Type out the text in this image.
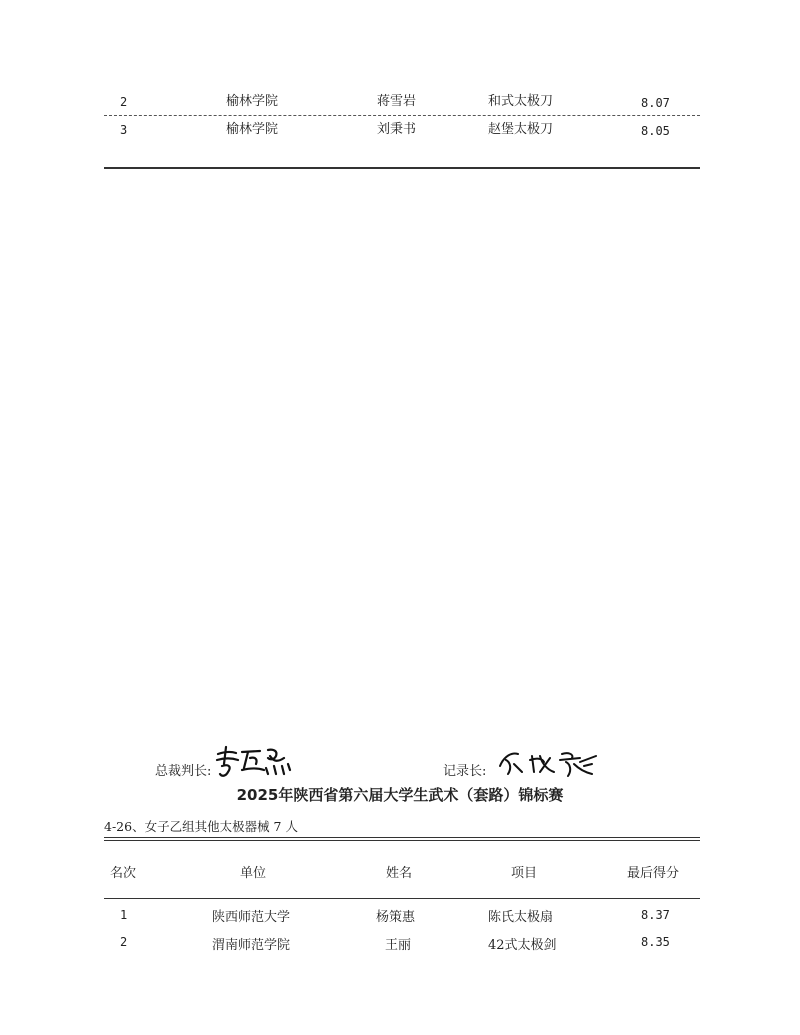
2	榆林学院	蒋雪岩	和式太极刀	8.07
3	榆林学院	刘秉书	赵堡太极刀	8.05
总裁判长:	记录长:
2025年陕西省第六届大学生武术（套路）锦标赛
4-26、女子乙组其他太极器械 7 人
名次	单位	姓名	项目	最后得分
1	陕西师范大学	杨策惠	陈氏太极扇	8.37
2	渭南师范学院	王丽	42式太极剑	8.35
